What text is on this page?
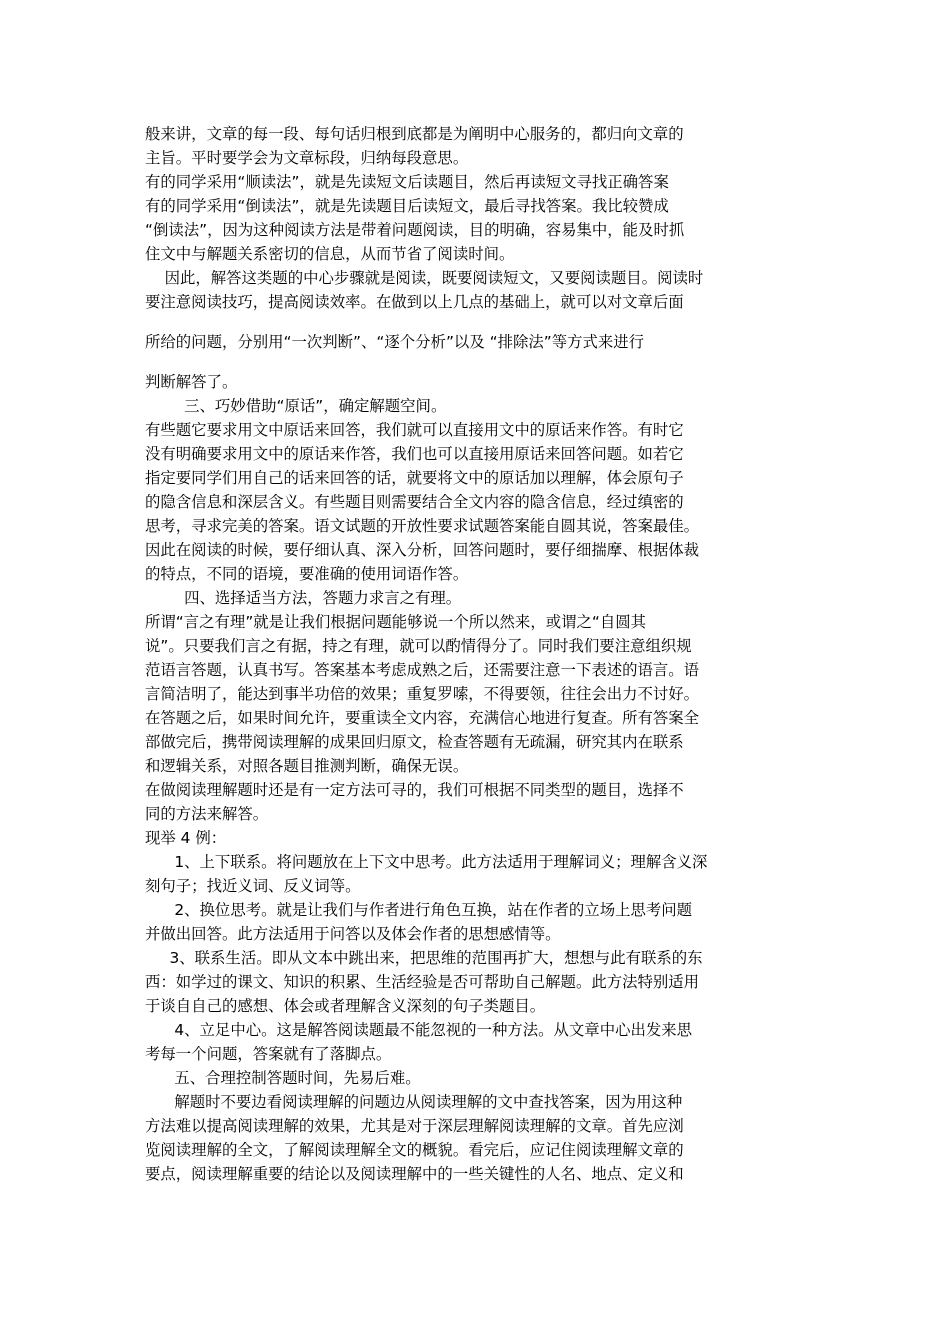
般来讲，文章的每一段、每句话归根到底都是为阐明中心服务的，都归向文章的
主旨。平时要学会为文章标段，归纳每段意思。
有的同学采用“顺读法”，就是先读短文后读题目，然后再读短文寻找正确答案
有的同学采用“倒读法”，就是先读题目后读短文，最后寻找答案。我比较赞成
“倒读法”，因为这种阅读方法是带着问题阅读，目的明确，容易集中，能及时抓
住文中与解题关系密切的信息，从而节省了阅读时间。
因此，解答这类题的中心步骤就是阅读，既要阅读短文，又要阅读题目。阅读时
要注意阅读技巧，提高阅读效率。在做到以上几点的基础上，就可以对文章后面
所给的问题，分别用“一次判断”、“逐个分析”以及 “排除法”等方式来进行
判断解答了。
三、巧妙借助“原话”，确定解题空间。
有些题它要求用文中原话来回答，我们就可以直接用文中的原话来作答。有时它
没有明确要求用文中的原话来作答，我们也可以直接用原话来回答问题。如若它
指定要同学们用自己的话来回答的话，就要将文中的原话加以理解，体会原句子
的隐含信息和深层含义。有些题目则需要结合全文内容的隐含信息，经过缜密的
思考，寻求完美的答案。语文试题的开放性要求试题答案能自圆其说，答案最佳。
因此在阅读的时候，要仔细认真、深入分析，回答问题时，要仔细揣摩、根据体裁
的特点，不同的语境，要准确的使用词语作答。
四、选择适当方法，答题力求言之有理。
所谓“言之有理”就是让我们根据问题能够说一个所以然来，或谓之“自圆其
说”。只要我们言之有据，持之有理，就可以酌情得分了。同时我们要注意组织规
范语言答题，认真书写。答案基本考虑成熟之后，还需要注意一下表述的语言。语
言简洁明了，能达到事半功倍的效果；重复罗嗦，不得要领，往往会出力不讨好。
在答题之后，如果时间允许，要重读全文内容，充满信心地进行复查。所有答案全
部做完后，携带阅读理解的成果回归原文，检查答题有无疏漏，研究其内在联系
和逻辑关系，对照各题目推测判断，确保无误。
在做阅读理解题时还是有一定方法可寻的，我们可根据不同类型的题目，选择不
同的方法来解答。
现举 4 例：
1、上下联系。将问题放在上下文中思考。此方法适用于理解词义；理解含义深
刻句子；找近义词、反义词等。
2、换位思考。就是让我们与作者进行角色互换，站在作者的立场上思考问题
并做出回答。此方法适用于问答以及体会作者的思想感情等。
3、联系生活。即从文本中跳出来，把思维的范围再扩大，想想与此有联系的东
西：如学过的课文、知识的积累、生活经验是否可帮助自己解题。此方法特别适用
于谈自自己的感想、体会或者理解含义深刻的句子类题目。
4、立足中心。这是解答阅读题最不能忽视的一种方法。从文章中心出发来思
考每一个问题，答案就有了落脚点。
五、合理控制答题时间，先易后难。
解题时不要边看阅读理解的问题边从阅读理解的文中查找答案，因为用这种
方法难以提高阅读理解的效果，尤其是对于深层理解阅读理解的文章。首先应浏
览阅读理解的全文，了解阅读理解全文的概貌。看完后，应记住阅读理解文章的
要点，阅读理解重要的结论以及阅读理解中的一些关键性的人名、地点、定义和
